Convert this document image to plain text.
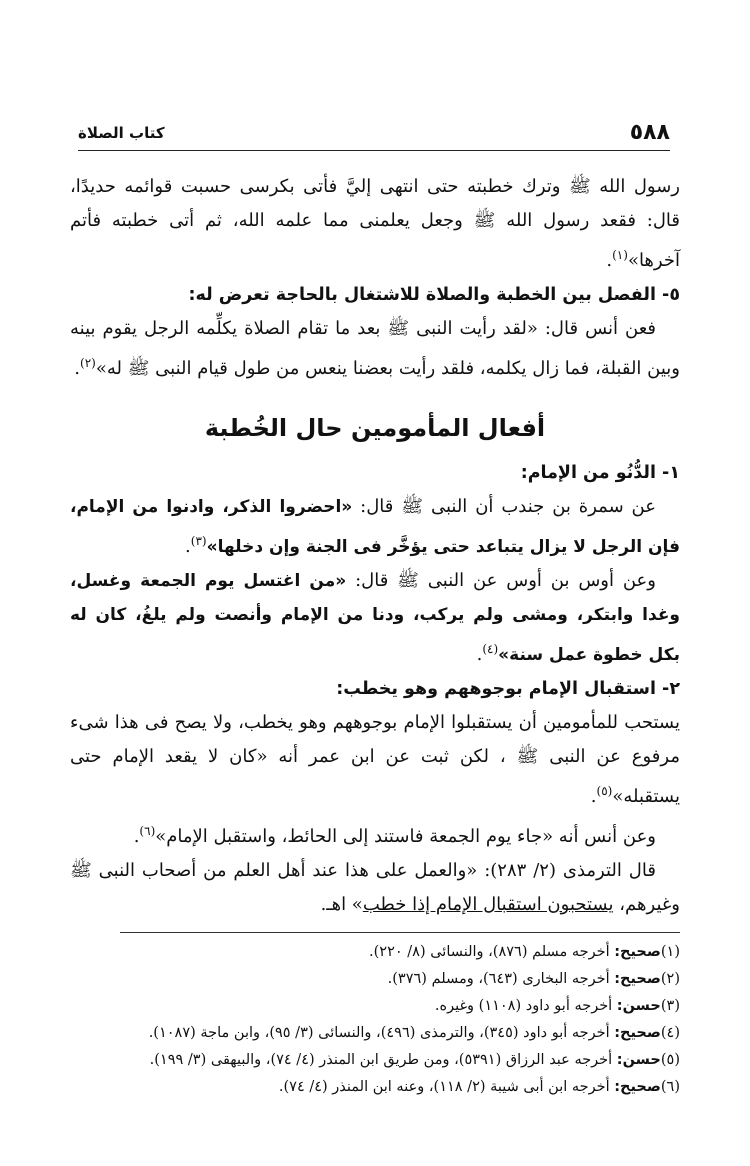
كتاب الصلاة	٥٨٨

رسول الله ﷺ وترك خطبته حتى انتهى إليَّ فأتى بكرسى حسبت قوائمه حديدًا، قال: فقعد رسول الله ﷺ وجعل يعلمنى مما علمه الله، ثم أتى خطبته فأتم آخرها»$^{(١)}$.

٥- الفصل بين الخطبة والصلاة للاشتغال بالحاجة تعرض له:

فعن أنس قال: «لقد رأيت النبى ﷺ بعد ما تقام الصلاة يكلِّمه الرجل يقوم بينه وبين القبلة، فما زال يكلمه، فلقد رأيت بعضنا ينعس من طول قيام النبى ﷺ له»$^{(٢)}$.

أفعال المأمومين حال الخُطبة

١- الدُّنُو من الإمام:

عن سمرة بن جندب أن النبى ﷺ قال: «احضروا الذكر، وادنوا من الإمام، فإن الرجل لا يزال يتباعد حتى يؤخَّر فى الجنة وإن دخلها»$^{(٣)}$.

وعن أوس بن أوس عن النبى ﷺ قال: «من اغتسل يوم الجمعة وغسل، وغدا وابتكر، ومشى ولم يركب، ودنا من الإمام وأنصت ولم يلغُ، كان له بكل خطوة عمل سنة»$^{(٤)}$.

٢- استقبال الإمام بوجوههم وهو يخطب:

يستحب للمأمومين أن يستقبلوا الإمام بوجوههم وهو يخطب، ولا يصح فى هذا شىء مرفوع عن النبى ﷺ ، لكن ثبت عن ابن عمر أنه «كان لا يقعد الإمام حتى يستقبله»$^{(٥)}$.

وعن أنس أنه «جاء يوم الجمعة فاستند إلى الحائط، واستقبل الإمام»$^{(٦)}$.

قال الترمذى (٢/ ٢٨٣): «والعمل على هذا عند أهل العلم من أصحاب النبى ﷺ وغيرهم، يستحبون استقبال الإمام إذا خطب» اهـ.

(١)صحيح: أخرجه مسلم (٨٧٦)، والنسائى (٨/ ٢٢٠).

(٢)صحيح: أخرجه البخارى (٦٤٣)، ومسلم (٣٧٦).

(٣)حسن: أخرجه أبو داود (١١٠٨) وغيره.

(٤)صحيح: أخرجه أبو داود (٣٤٥)، والترمذى (٤٩٦)، والنسائى (٣/ ٩٥)، وابن ماجة (١٠٨٧).

(٥)حسن: أخرجه عبد الرزاق (٥٣٩١)، ومن طريق ابن المنذر (٤/ ٧٤)، والبيهقى (٣/ ١٩٩).

(٦)صحيح: أخرجه ابن أبى شيبة (٢/ ١١٨)، وعنه ابن المنذر (٤/ ٧٤).
